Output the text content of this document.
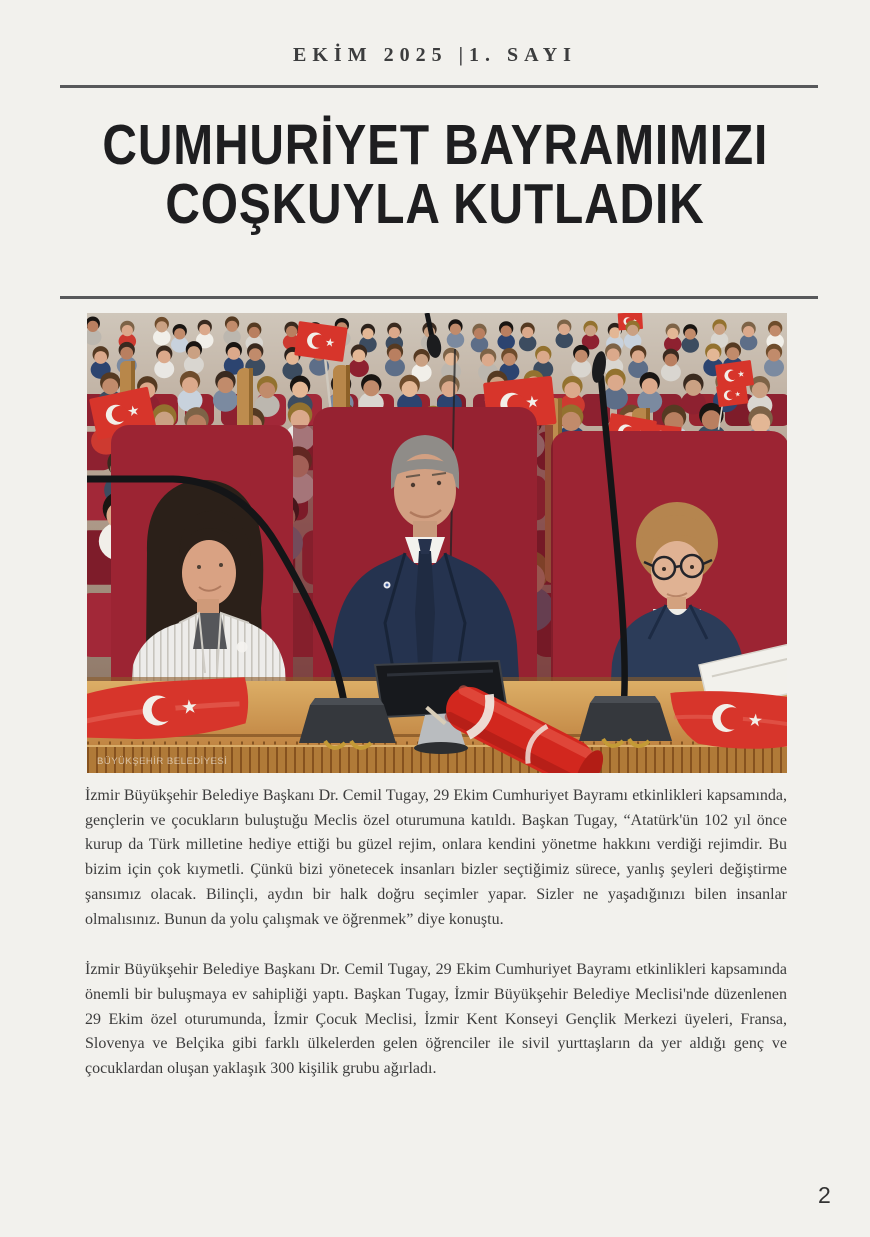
EKİM 2025 |1. SAYI
CUMHURİYET BAYRAMIMIZI
COŞKUYLA KUTLADIK
BÜYÜKŞEHİR BELEDİYESİ

İzmir Büyükşehir Belediye Başkanı Dr. Cemil Tugay, 29 Ekim Cumhuriyet Bayramı etkinlikleri kapsamında, gençlerin ve çocukların buluştuğu Meclis özel oturumuna katıldı. Başkan Tugay, “Atatürk'ün 102 yıl önce kurup da Türk milletine hediye ettiği bu güzel rejim, onlara kendini yönetme hakkını verdiği rejimdir. Bu bizim için çok kıymetli. Çünkü bizi yönetecek insanları bizler seçtiğimiz sürece, yanlış şeyleri değiştirme şansımız olacak. Bilinçli, aydın bir halk doğru seçimler yapar. Sizler ne yaşadığınızı bilen insanlar olmalısınız. Bunun da yolu çalışmak ve öğrenmek” diye konuştu.

İzmir Büyükşehir Belediye Başkanı Dr. Cemil Tugay, 29 Ekim Cumhuriyet Bayramı etkinlikleri kapsamında önemli bir buluşmaya ev sahipliği yaptı. Başkan Tugay, İzmir Büyükşehir Belediye Meclisi'nde düzenlenen 29 Ekim özel oturumunda, İzmir Çocuk Meclisi, İzmir Kent Konseyi Gençlik Merkezi üyeleri, Fransa, Slovenya ve Belçika gibi farklı ülkelerden gelen öğrenciler ile sivil yurttaşların da yer aldığı genç ve çocuklardan oluşan yaklaşık 300 kişilik grubu ağırladı.

2
